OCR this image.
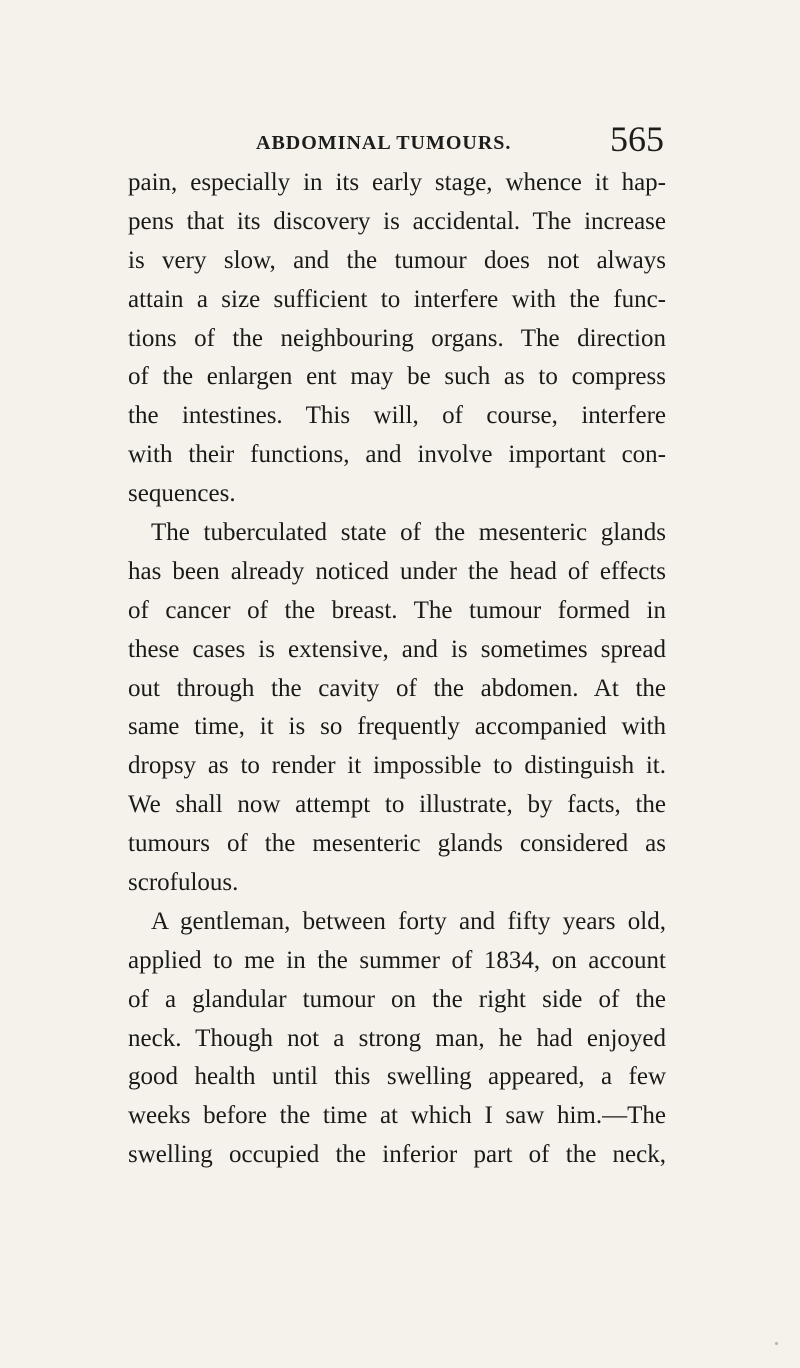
ABDOMINAL TUMOURS.	565
pain, especially in its early stage, whence it hap-
pens that its discovery is accidental. The increase
is very slow, and the tumour does not always
attain a size sufficient to interfere with the func-
tions of the neighbouring organs. The direction
of the enlargen ent may be such as to compress
the intestines. This will, of course, interfere
with their functions, and involve important con-
sequences.
The tuberculated state of the mesenteric glands
has been already noticed under the head of effects
of cancer of the breast. The tumour formed in
these cases is extensive, and is sometimes spread
out through the cavity of the abdomen. At the
same time, it is so frequently accompanied with
dropsy as to render it impossible to distinguish it.
We shall now attempt to illustrate, by facts, the
tumours of the mesenteric glands considered as
scrofulous.
A gentleman, between forty and fifty years old,
applied to me in the summer of 1834, on account
of a glandular tumour on the right side of the
neck. Though not a strong man, he had enjoyed
good health until this swelling appeared, a few
weeks before the time at which I saw him.—The
swelling occupied the inferior part of the neck,
